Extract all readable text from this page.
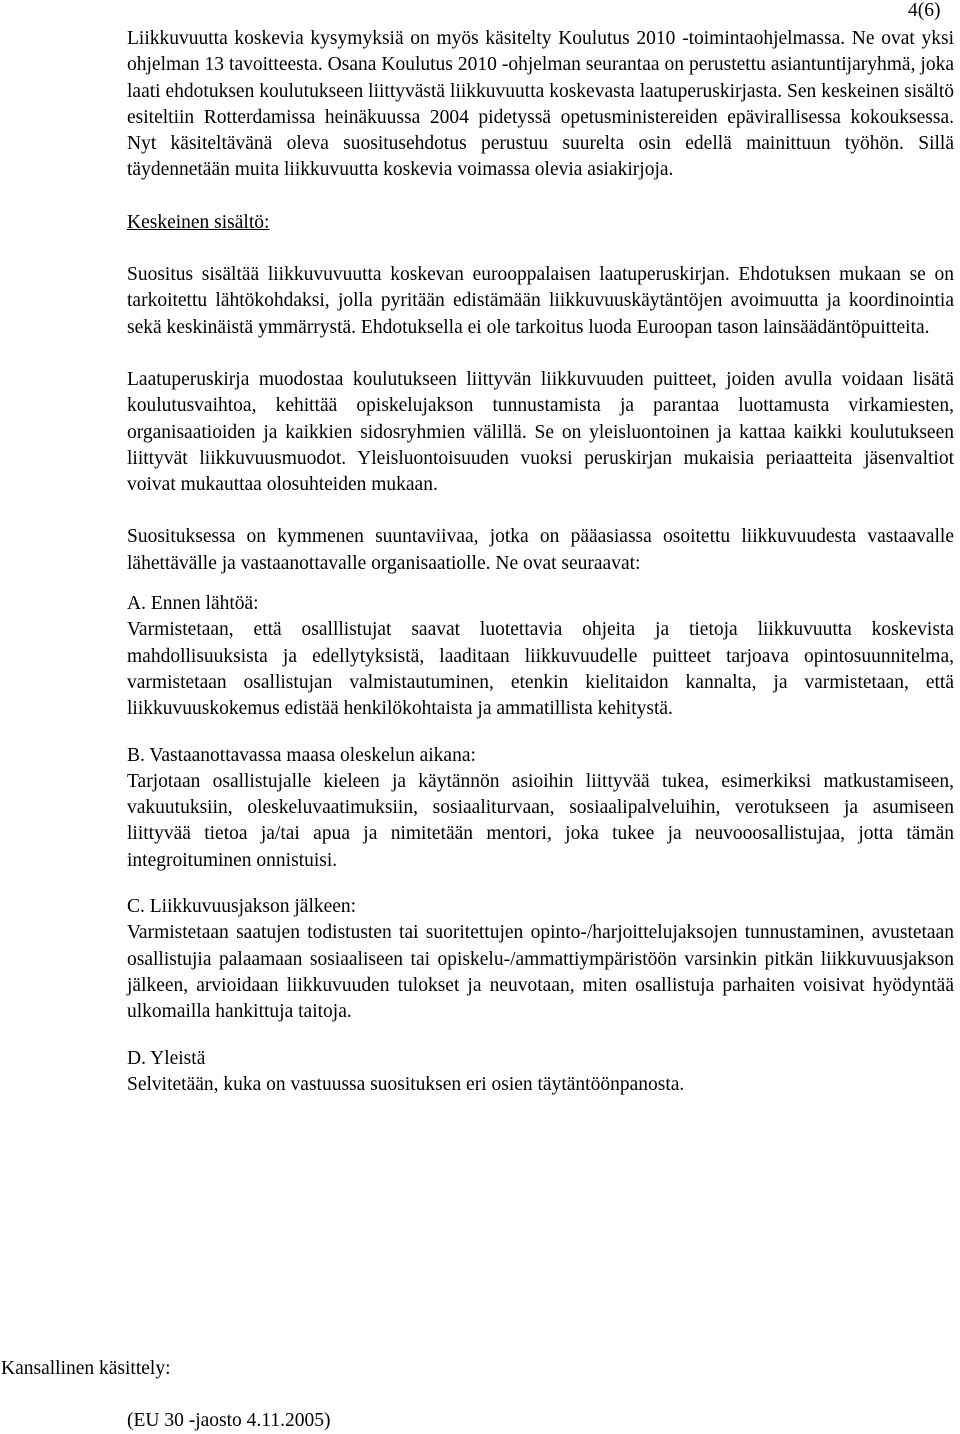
4(6)

Liikkuvuutta koskevia kysymyksiä on myös käsitelty Koulutus 2010 -toimintaohjelmassa. Ne ovat yksi ohjelman 13 tavoitteesta. Osana Koulutus 2010 -ohjelman seurantaa on perustettu asiantuntijaryhmä, joka laati ehdotuksen koulutukseen liittyvästä liikkuvuutta koskevasta laatuperuskirjasta. Sen keskeinen sisältö esiteltiin Rotterdamissa heinäkuussa 2004 pidetyssä opetusministereiden epävirallisessa kokouksessa. Nyt käsiteltävänä oleva suositusehdotus perustuu suurelta osin edellä mainittuun työhön. Sillä täydennetään muita liikkuvuutta koskevia voimassa olevia asiakirjoja.

Keskeinen sisältö:

Suositus sisältää liikkuvuvuutta koskevan eurooppalaisen laatuperuskirjan. Ehdotuksen mukaan se on tarkoitettu lähtökohdaksi, jolla pyritään edistämään liikkuvuuskäytäntöjen avoimuutta ja koordinointia sekä keskinäistä ymmärrystä. Ehdotuksella ei ole tarkoitus luoda Euroopan tason lainsäädäntöpuitteita.

Laatuperuskirja muodostaa koulutukseen liittyvän liikkuvuuden puitteet, joiden avulla voidaan lisätä koulutusvaihtoa, kehittää opiskelujakson tunnustamista ja parantaa luottamusta virkamiesten, organisaatioiden ja kaikkien sidosryhmien välillä. Se on yleisluontoinen ja kattaa kaikki koulutukseen liittyvät liikkuvuusmuodot. Yleisluontoisuuden vuoksi peruskirjan mukaisia periaatteita jäsenvaltiot voivat mukauttaa olosuhteiden mukaan.

Suosituksessa on kymmenen suuntaviivaa, jotka on pääasiassa osoitettu liikkuvuudesta vastaavalle lähettävälle ja vastaanottavalle organisaatiolle. Ne ovat seuraavat:

A. Ennen lähtöä:

Varmistetaan, että osalllistujat saavat luotettavia ohjeita ja tietoja liikkuvuutta koskevista mahdollisuuksista ja edellytyksistä, laaditaan liikkuvuudelle puitteet tarjoava opintosuunnitelma, varmistetaan osallistujan valmistautuminen, etenkin kielitaidon kannalta, ja varmistetaan, että liikkuvuuskokemus edistää henkilökohtaista ja ammatillista kehitystä.

B. Vastaanottavassa maasa oleskelun aikana:

Tarjotaan osallistujalle kieleen ja käytännön asioihin liittyvää tukea, esimerkiksi matkustamiseen, vakuutuksiin, oleskeluvaatimuksiin, sosiaaliturvaan, sosiaalipalveluihin, verotukseen ja asumiseen liittyvää tietoa ja/tai apua ja nimitetään mentori, joka tukee ja neuvooosallistujaa, jotta tämän integroituminen onnistuisi.

C. Liikkuvuusjakson jälkeen:

Varmistetaan saatujen todistusten tai suoritettujen opinto-/harjoittelujaksojen tunnustaminen, avustetaan osallistujia palaamaan sosiaaliseen tai opiskelu-/ammattiympäristöön varsinkin pitkän liikkuvuusjakson jälkeen, arvioidaan liikkuvuuden tulokset ja neuvotaan, miten osallistuja parhaiten voisivat hyödyntää ulkomailla hankittuja taitoja.

D. Yleistä

Selvitetään, kuka on vastuussa suosituksen eri osien täytäntöönpanosta.

Kansallinen käsittely:
(EU 30 -jaosto 4.11.2005)
